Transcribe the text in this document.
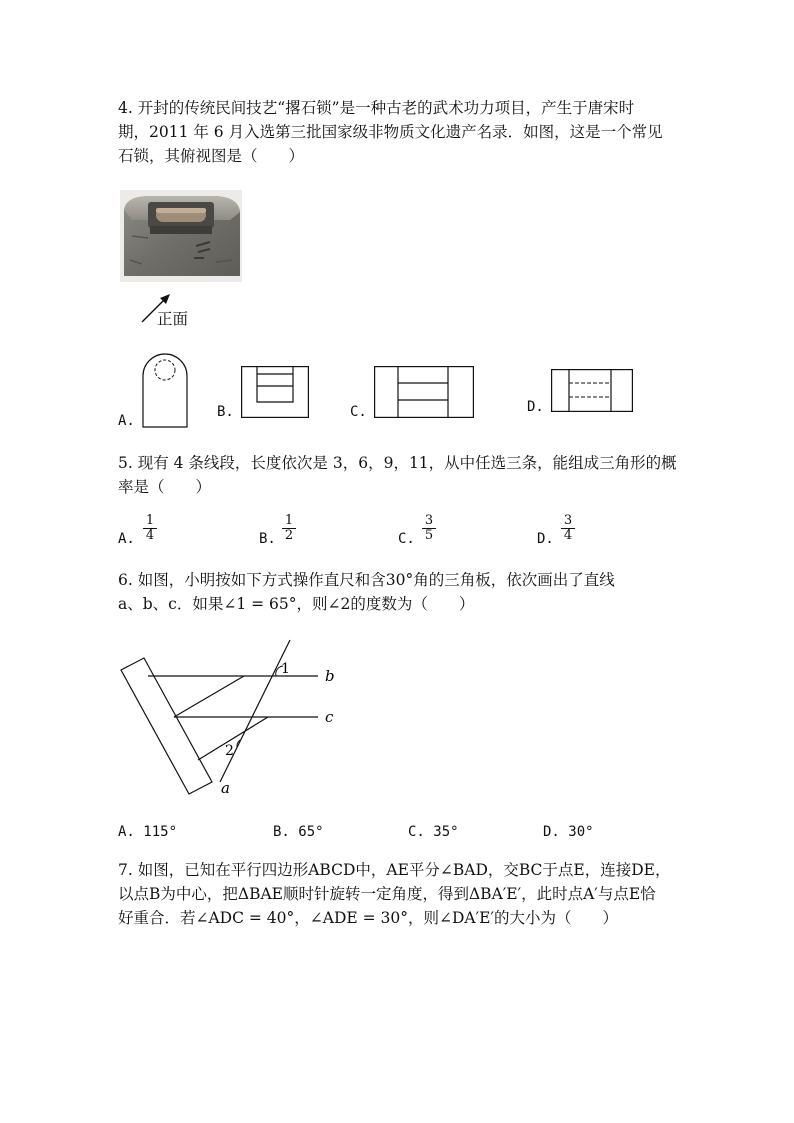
4. 开封的传统民间技艺“撂石锁”是一种古老的武术功力项目，产生于唐宋时
期，2011 年 6 月入选第三批国家级非物质文化遗产名录．如图，这是一个常见
石锁，其俯视图是（　　）
正面
A.
B.	C.	D.
5. 现有 4 条线段，长度依次是 3，6，9，11，从中任选三条，能组成三角形的概
率是（　　）
A. $\frac{1}{4}$	B. $\frac{1}{2}$	C. $\frac{3}{5}$	D. $\frac{3}{4}$
6. 如图，小明按如下方式操作直尺和含30°角的三角板，依次画出了直线
a、b、c．如果∠1 = 65°，则∠2的度数为（　　）
1
2
b
c
a
A. 115°	B. 65°	C. 35°	D. 30°
7. 如图，已知在平行四边形ABCD中，AE平分∠BAD，交BC于点E，连接DE，
以点B为中心，把ΔBAE顺时针旋转一定角度，得到ΔBA′E′，此时点A′与点E恰
好重合．若∠ADC = 40°，∠ADE = 30°，则∠DA′E′的大小为（　　）
